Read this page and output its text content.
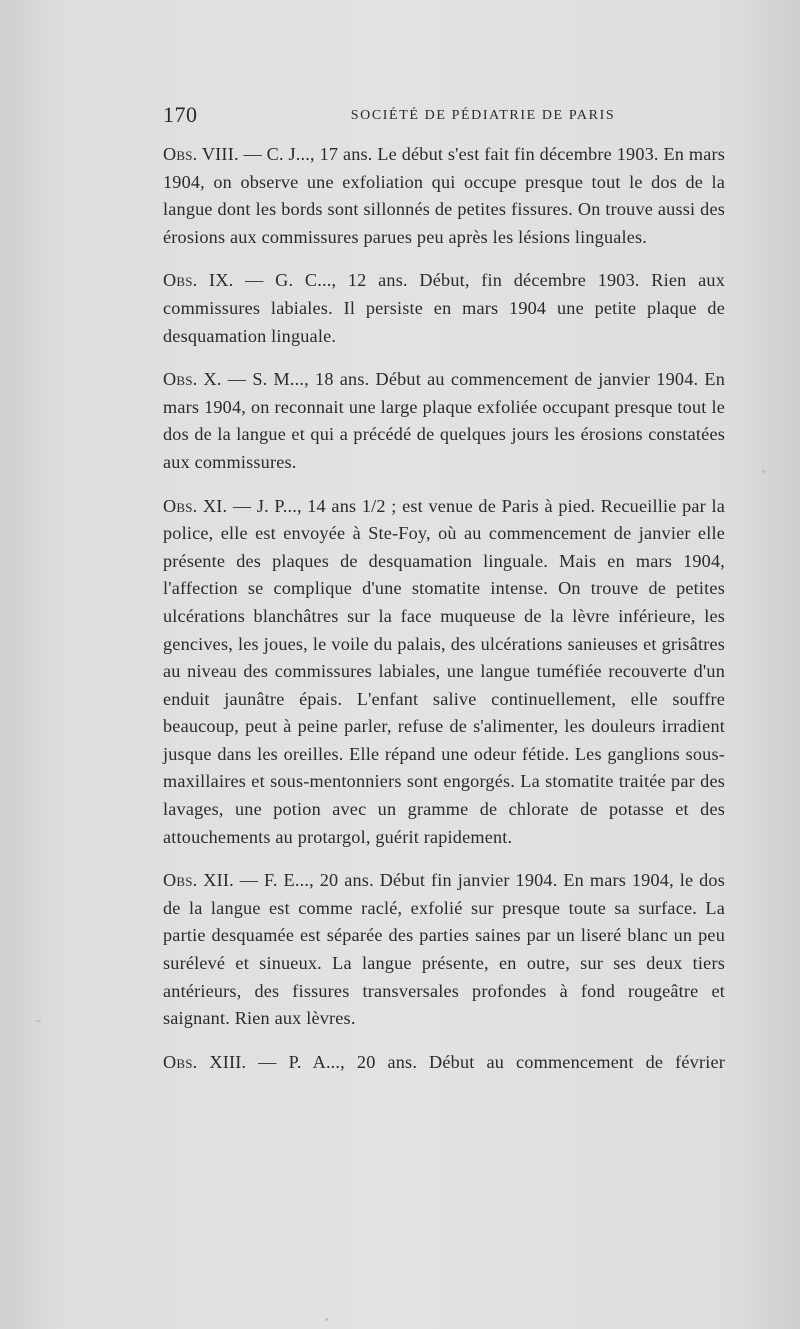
170	SOCIÉTÉ DE PÉDIATRIE DE PARIS

Obs. VIII. — C. J..., 17 ans. Le début s'est fait fin décembre 1903. En mars 1904, on observe une exfoliation qui occupe presque tout le dos de la langue dont les bords sont sillonnés de petites fissures. On trouve aussi des érosions aux commissures parues peu après les lésions linguales.

Obs. IX. — G. C..., 12 ans. Début, fin décembre 1903. Rien aux commissures labiales. Il persiste en mars 1904 une petite plaque de desquamation linguale.

Obs. X. — S. M..., 18 ans. Début au commencement de janvier 1904. En mars 1904, on reconnait une large plaque exfoliée occupant presque tout le dos de la langue et qui a précédé de quelques jours les érosions constatées aux commissures.

Obs. XI. — J. P..., 14 ans 1/2 ; est venue de Paris à pied. Recueillie par la police, elle est envoyée à Ste-Foy, où au commencement de janvier elle présente des plaques de desquamation linguale. Mais en mars 1904, l'affection se complique d'une stomatite intense. On trouve de petites ulcérations blanchâtres sur la face muqueuse de la lèvre inférieure, les gencives, les joues, le voile du palais, des ulcérations sanieuses et grisâtres au niveau des commissures labiales, une langue tuméfiée recouverte d'un enduit jaunâtre épais. L'enfant salive continuellement, elle souffre beaucoup, peut à peine parler, refuse de s'alimenter, les douleurs irradient jusque dans les oreilles. Elle répand une odeur fétide. Les ganglions sous-maxillaires et sous-mentonniers sont engorgés. La stomatite traitée par des lavages, une potion avec un gramme de chlorate de potasse et des attouchements au protargol, guérit rapidement.

Obs. XII. — F. E..., 20 ans. Début fin janvier 1904. En mars 1904, le dos de la langue est comme raclé, exfolié sur presque toute sa surface. La partie desquamée est séparée des parties saines par un liseré blanc un peu surélevé et sinueux. La langue présente, en outre, sur ses deux tiers antérieurs, des fissures transversales profondes à fond rougeâtre et saignant. Rien aux lèvres.

Obs. XIII. — P. A..., 20 ans. Début au commencement de février
